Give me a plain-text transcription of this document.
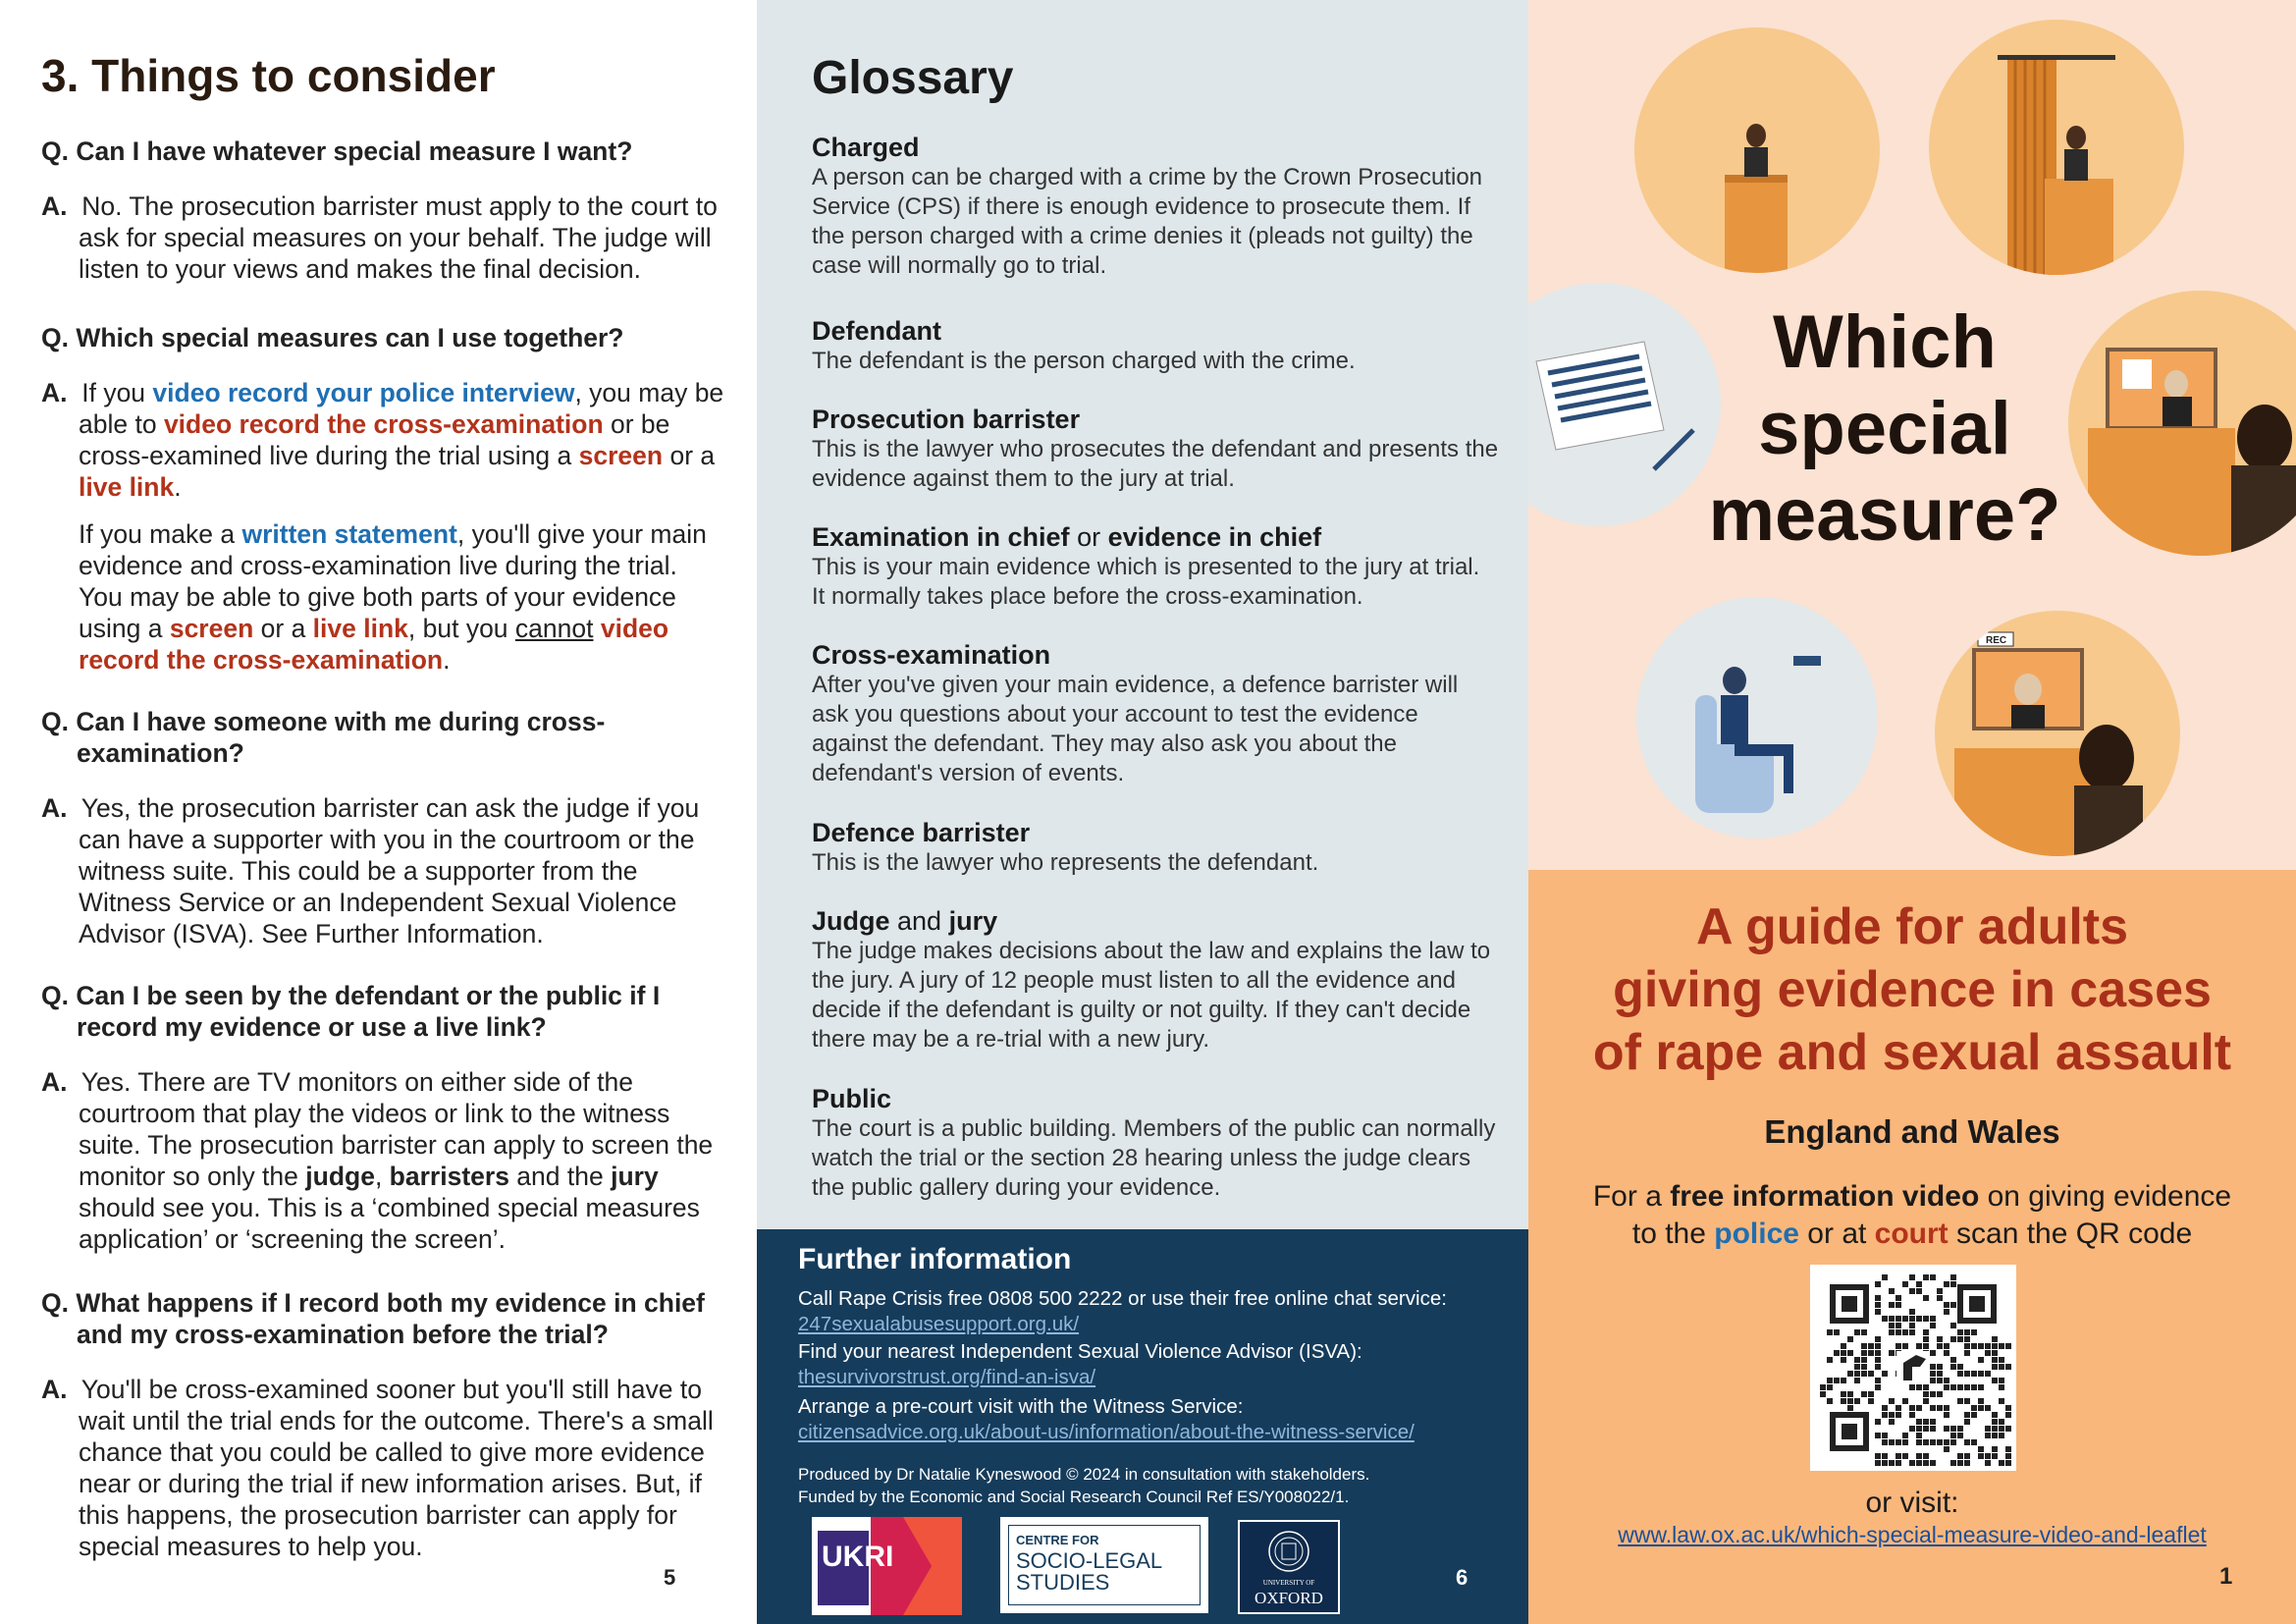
3. Things to consider

Q. Can I have whatever special measure I want?

A. No. The prosecution barrister must apply to the court to ask for special measures on your behalf. The judge will listen to your views and makes the final decision.

Q. Which special measures can I use together?

A. If you video record your police interview, you may be able to video record the cross-examination or be cross-examined live during the trial using a screen or a live link.

If you make a written statement, you'll give your main evidence and cross-examination live during the trial. You may be able to give both parts of your evidence using a screen or a live link, but you cannot video record the cross-examination.

Q. Can I have someone with me during cross-examination?

A. Yes, the prosecution barrister can ask the judge if you can have a supporter with you in the courtroom or the witness suite. This could be a supporter from the Witness Service or an Independent Sexual Violence Advisor (ISVA). See Further Information.

Q. Can I be seen by the defendant or the public if I record my evidence or use a live link?

A. Yes. There are TV monitors on either side of the courtroom that play the videos or link to the witness suite. The prosecution barrister can apply to screen the monitor so only the judge, barristers and the jury should see you. This is a ‘combined special measures application’ or ‘screening the screen’.

Q. What happens if I record both my evidence in chief and my cross-examination before the trial?

A. You'll be cross-examined sooner but you'll still have to wait until the trial ends for the outcome. There's a small chance that you could be called to give more evidence near or during the trial if new information arises. But, if this happens, the prosecution barrister can apply for special measures to help you.

5
Glossary
Charged
A person can be charged with a crime by the Crown Prosecution Service (CPS) if there is enough evidence to prosecute them. If the person charged with a crime denies it (pleads not guilty) the case will normally go to trial.
Defendant
The defendant is the person charged with the crime.
Prosecution barrister
This is the lawyer who prosecutes the defendant and presents the evidence against them to the jury at trial.
Examination in chief or evidence in chief
This is your main evidence which is presented to the jury at trial. It normally takes place before the cross-examination.
Cross-examination
After you've given your main evidence, a defence barrister will ask you questions about your account to test the evidence against the defendant. They may also ask you about the defendant's version of events.
Defence barrister
This is the lawyer who represents the defendant.
Judge and jury
The judge makes decisions about the law and explains the law to the jury. A jury of 12 people must listen to all the evidence and decide if the defendant is guilty or not guilty. If they can't decide there may be a re-trial with a new jury.
Public
The court is a public building. Members of the public can normally watch the trial or the section 28 hearing unless the judge clears the public gallery during your evidence.
Further information
Call Rape Crisis free 0808 500 2222 or use their free online chat service:
247sexualabusesupport.org.uk/
Find your nearest Independent Sexual Violence Advisor (ISVA):
thesurvivorstrust.org/find-an-isva/
Arrange a pre-court visit with the Witness Service:
citizensadvice.org.uk/about-us/information/about-the-witness-service/
Produced by Dr Natalie Kyneswood © 2024 in consultation with stakeholders.
Funded by the Economic and Social Research Council Ref ES/Y008022/1.
UKRI
CENTRE FOR
SOCIO-LEGAL
STUDIES	UNIVERSITY OF
OXFORD
6
REC
Which
special
measure?
A guide for adults
giving evidence in cases
of rape and sexual assault
England and Wales
For a free information video on giving evidence
to the police or at court scan the QR code
or visit:
www.law.ox.ac.uk/which-special-measure-video-and-leaflet
1
